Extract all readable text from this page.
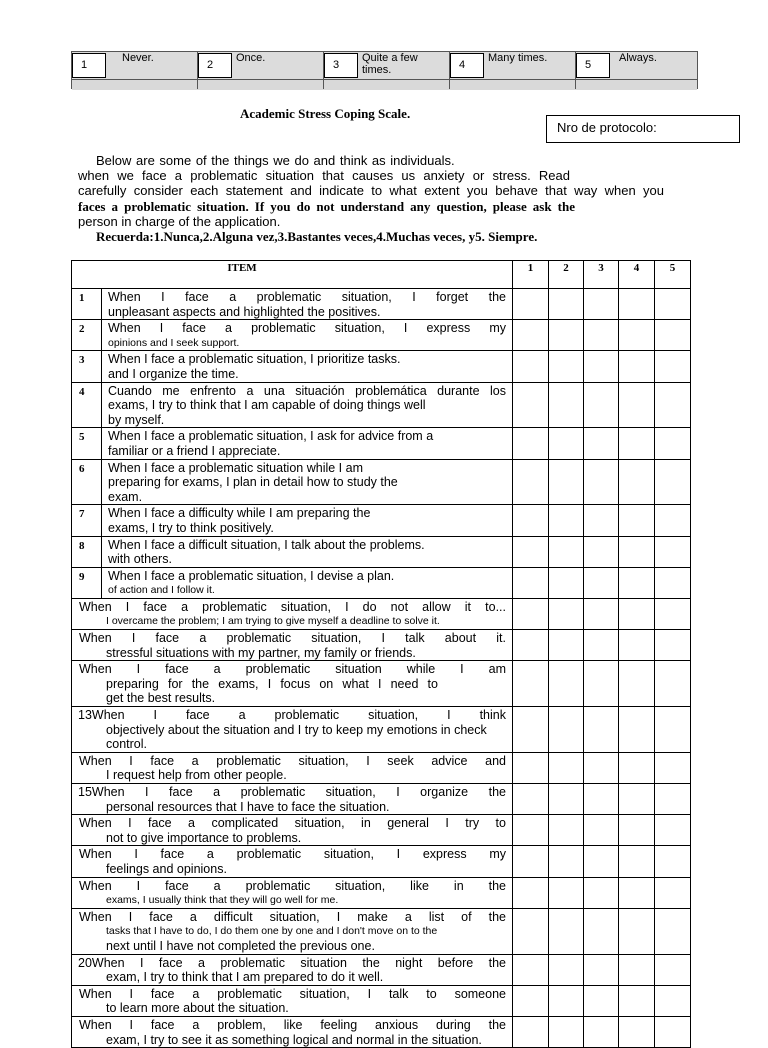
1
Never.
2
Once.
3
Quite a few times.	4
Many times.
5
Always.
Academic Stress Coping Scale.
Nro de protocolo:
Below are some of the things we do and think as individuals.
when we face a problematic situation that causes us anxiety or stress. Read
carefully consider each statement and indicate to what extent you behave that way when you
faces a problematic situation. If you do not understand any question, please ask the
person in charge of the application.
Recuerda:1.Nunca,2.Alguna vez,3.Bastantes veces,4.Muchas veces, y5. Siempre.
ITEM		1	2	3	4	5
1	When I face a problematic situation, I forget the
unpleasant aspects and highlighted the positives.					

2	When I face a problematic situation, I express my
opinions and I seek support.					

3	When I face a problematic situation, I prioritize tasks.
and I organize the time.					

4	Cuando me enfrento a una situación problemática durante los
exams, I try to think that I am capable of doing things well
by myself.					

5	When I face a problematic situation, I ask for advice from a
familiar or a friend I appreciate.					

6	When I face a problematic situation while I am
preparing for exams, I plan in detail how to study the
exam.					

7	When I face a difficulty while I am preparing the
exams, I try to think positively.					

8	When I face a difficult situation, I talk about the problems.
with others.					

9	When I face a problematic situation, I devise a plan.
of action and I follow it.					

When I face a problematic situation, I do not allow it to...
I overcame the problem; I am trying to give myself a deadline to solve it.						

When I face a problematic situation, I talk about it.
stressful situations with my partner, my family or friends.						

When I face a problematic situation while I am
preparing for the exams, I focus on what I need to
get the best results.						

13When I face a problematic situation, I think
objectively about the situation and I try to keep my emotions in check
control.						

When I face a problematic situation, I seek advice and
I request help from other people.						

15When I face a problematic situation, I organize the
personal resources that I have to face the situation.						

When I face a complicated situation, in general I try to
not to give importance to problems.						

When I face a problematic situation, I express my
feelings and opinions.						

When I face a problematic situation, like in the
exams, I usually think that they will go well for me.						

When I face a difficult situation, I make a list of the
tasks that I have to do, I do them one by one and I don't move on to the
next until I have not completed the previous one.						

20When I face a problematic situation the night before the
exam, I try to think that I am prepared to do it well.						

When I face a problematic situation, I talk to someone
to learn more about the situation.						

When I face a problem, like feeling anxious during the
exam, I try to see it as something logical and normal in the situation.						
